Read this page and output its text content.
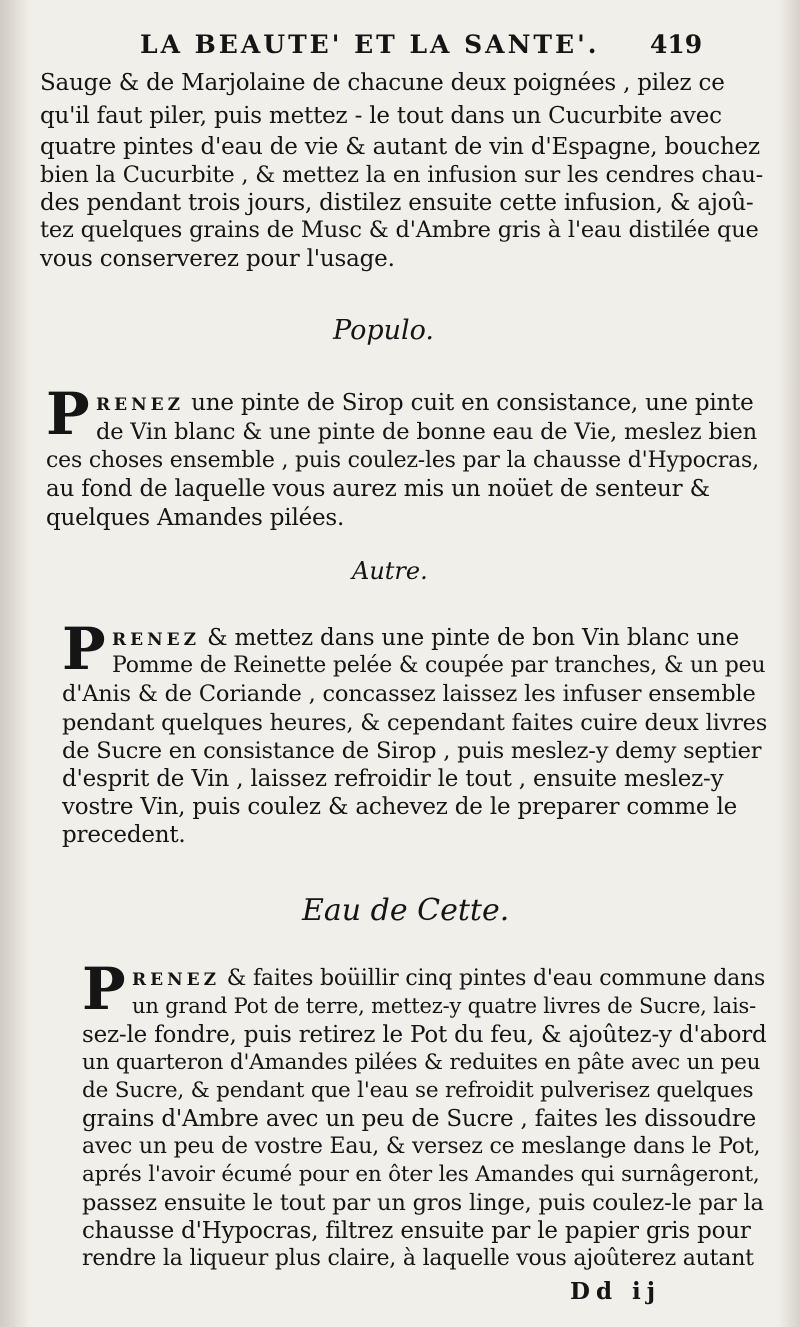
LA BEAUTE' ET LA SANTE'. 419
Sauge & de Marjolaine de chacune deux poignées , pilez ce
qu'il faut piler, puis mettez - le tout dans un Cucurbite avec
quatre pintes d'eau de vie & autant de vin d'Espagne, bouchez
bien la Cucurbite , & mettez la en infusion sur les cendres chau-
des pendant trois jours, distilez ensuite cette infusion, & ajoû-
tez quelques grains de Musc & d'Ambre gris à l'eau distilée que
vous conserverez pour l'usage.
Populo.
P RENEZ une pinte de Sirop cuit en consistance, une pinte
de Vin blanc & une pinte de bonne eau de Vie, meslez bien
ces choses ensemble , puis coulez-les par la chausse d'Hypocras,
au fond de laquelle vous aurez mis un noüet de senteur &
quelques Amandes pilées.
Autre.
P RENEZ & mettez dans une pinte de bon Vin blanc une
Pomme de Reinette pelée & coupée par tranches, & un peu
d'Anis & de Coriande , concassez laissez les infuser ensemble
pendant quelques heures, & cependant faites cuire deux livres
de Sucre en consistance de Sirop , puis meslez-y demy septier
d'esprit de Vin , laissez refroidir le tout , ensuite meslez-y
vostre Vin, puis coulez & achevez de le preparer comme le
precedent.
Eau de Cette.
P RENEZ & faites boüillir cinq pintes d'eau commune dans
un grand Pot de terre, mettez-y quatre livres de Sucre, lais-
sez-le fondre, puis retirez le Pot du feu, & ajoûtez-y d'abord
un quarteron d'Amandes pilées & reduites en pâte avec un peu
de Sucre, & pendant que l'eau se refroidit pulverisez quelques
grains d'Ambre avec un peu de Sucre , faites les dissoudre
avec un peu de vostre Eau, & versez ce meslange dans le Pot,
aprés l'avoir écumé pour en ôter les Amandes qui surnâgeront,
passez ensuite le tout par un gros linge, puis coulez-le par la
chausse d'Hypocras, filtrez ensuite par le papier gris pour
rendre la liqueur plus claire, à laquelle vous ajoûterez autant
Dd ij
